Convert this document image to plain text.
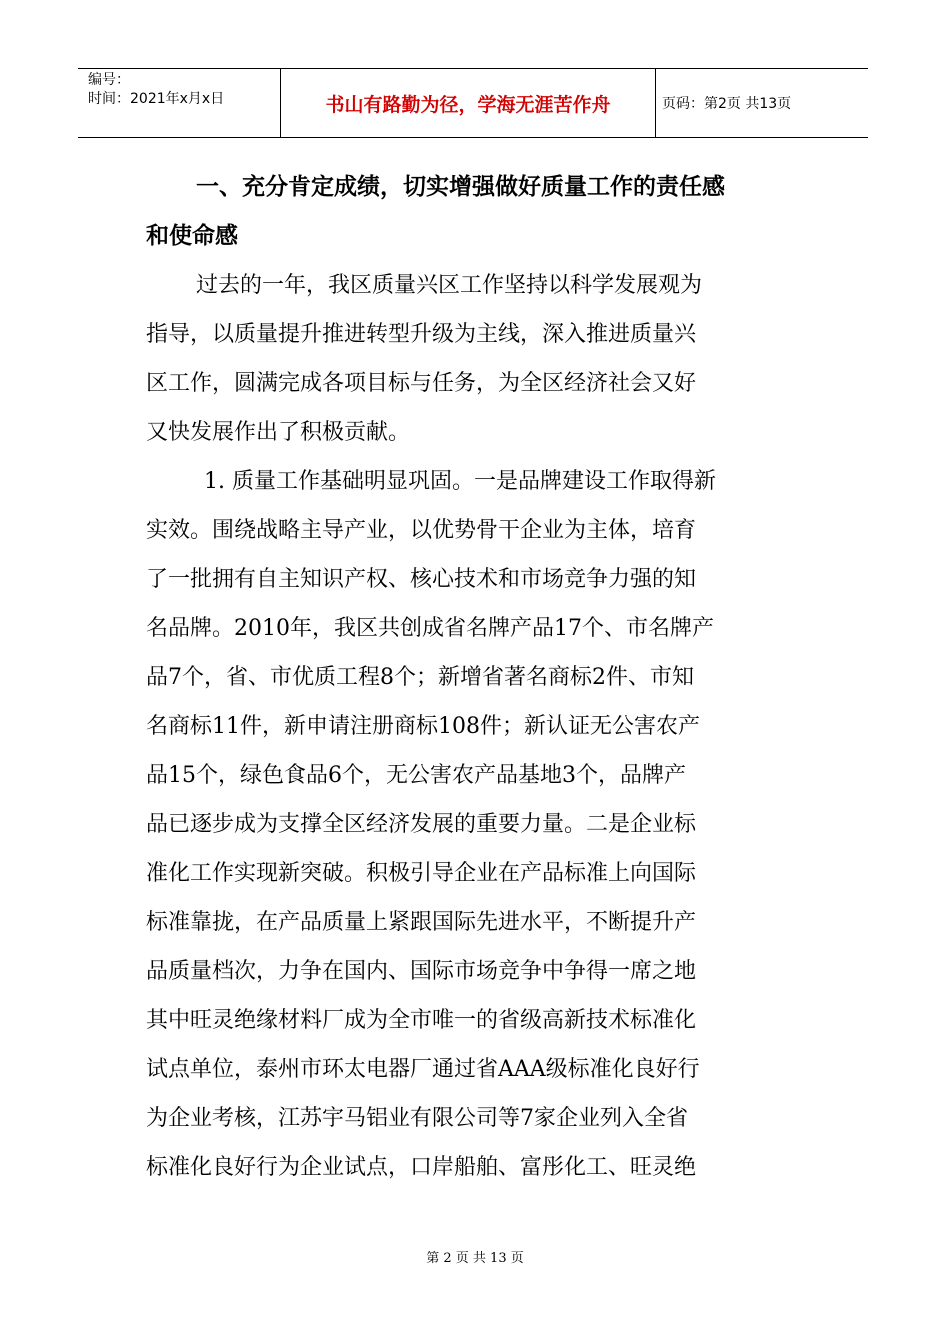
编号：
时间：2021年x月x日	书山有路勤为径，学海无涯苦作舟	页码：第2页 共13页
一、充分肯定成绩，切实增强做好质量工作的责任感
和使命感
过去的一年，我区质量兴区工作坚持以科学发展观为
指导，以质量提升推进转型升级为主线，深入推进质量兴
区工作，圆满完成各项目标与任务，为全区经济社会又好
又快发展作出了积极贡献。
1. 质量工作基础明显巩固。一是品牌建设工作取得新
实效。围绕战略主导产业，以优势骨干企业为主体，培育
了一批拥有自主知识产权、核心技术和市场竞争力强的知
名品牌。2010年，我区共创成省名牌产品17个、市名牌产
品7个，省、市优质工程8个；新增省著名商标2件、市知
名商标11件，新申请注册商标108件；新认证无公害农产
品15个，绿色食品6个，无公害农产品基地3个，品牌产
品已逐步成为支撑全区经济发展的重要力量。二是企业标
准化工作实现新突破。积极引导企业在产品标准上向国际
标准靠拢，在产品质量上紧跟国际先进水平，不断提升产
品质量档次，力争在国内、国际市场竞争中争得一席之地
其中旺灵绝缘材料厂成为全市唯一的省级高新技术标准化
试点单位，泰州市环太电器厂通过省AAA级标准化良好行
为企业考核，江苏宇马铝业有限公司等7家企业列入全省
标准化良好行为企业试点，口岸船舶、富彤化工、旺灵绝
第 2 页 共 13 页
